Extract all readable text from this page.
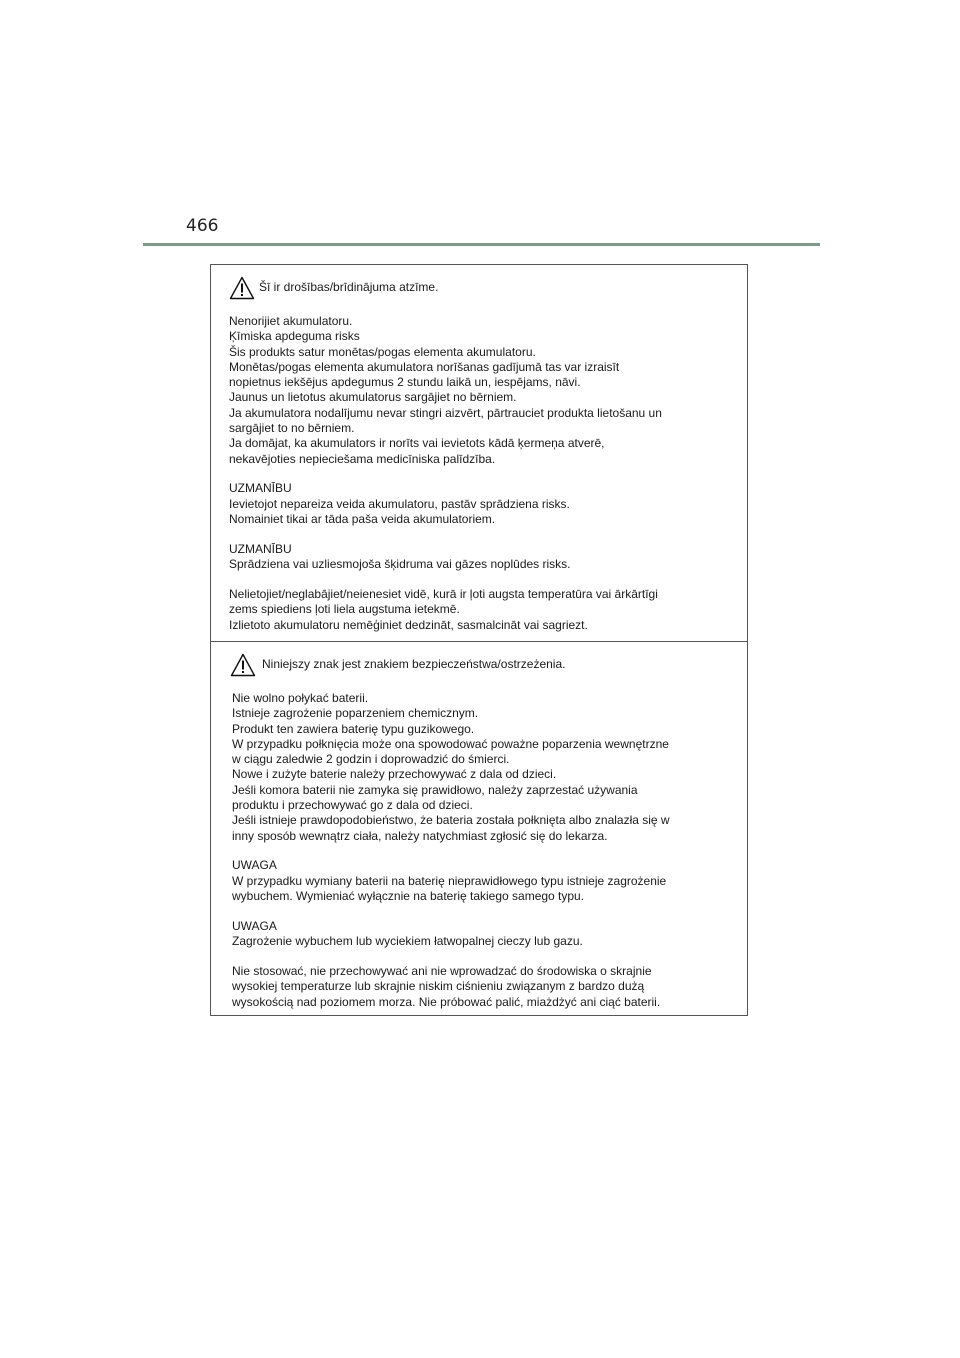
466
Šī ir drošības/brīdinājuma atzīme.
Nenorijiet akumulatoru.
Ķīmiska apdeguma risks
Šis produkts satur monētas/pogas elementa akumulatoru.
Monētas/pogas elementa akumulatora norīšanas gadījumā tas var izraisīt
nopietnus iekšējus apdegumus 2 stundu laikā un, iespējams, nāvi.
Jaunus un lietotus akumulatorus sargājiet no bērniem.
Ja akumulatora nodalījumu nevar stingri aizvērt, pārtrauciet produkta lietošanu un
sargājiet to no bērniem.
Ja domājat, ka akumulators ir norīts vai ievietots kādā ķermeņa atverē,
nekavējoties nepieciešama medicīniska palīdzība.
UZMANĪBU
Ievietojot nepareiza veida akumulatoru, pastāv sprādziena risks.
Nomainiet tikai ar tāda paša veida akumulatoriem.
UZMANĪBU
Sprādziena vai uzliesmojoša šķidruma vai gāzes noplūdes risks.
Nelietojiet/neglabājiet/neienesiet vidē, kurā ir ļoti augsta temperatūra vai ārkārtīgi
zems spiediens ļoti liela augstuma ietekmē.
Izlietoto akumulatoru nemēģiniet dedzināt, sasmalcināt vai sagriezt.
Niniejszy znak jest znakiem bezpieczeństwa/ostrzeżenia.
Nie wolno połykać baterii.
Istnieje zagrożenie poparzeniem chemicznym.
Produkt ten zawiera baterię typu guzikowego.
W przypadku połknięcia może ona spowodować poważne poparzenia wewnętrzne
w ciągu zaledwie 2 godzin i doprowadzić do śmierci.
Nowe i zużyte baterie należy przechowywać z dala od dzieci.
Jeśli komora baterii nie zamyka się prawidłowo, należy zaprzestać używania
produktu i przechowywać go z dala od dzieci.
Jeśli istnieje prawdopodobieństwo, że bateria została połknięta albo znalazła się w
inny sposób wewnątrz ciała, należy natychmiast zgłosić się do lekarza.
UWAGA
W przypadku wymiany baterii na baterię nieprawidłowego typu istnieje zagrożenie
wybuchem. Wymieniać wyłącznie na baterię takiego samego typu.
UWAGA
Zagrożenie wybuchem lub wyciekiem łatwopalnej cieczy lub gazu.
Nie stosować, nie przechowywać ani nie wprowadzać do środowiska o skrajnie
wysokiej temperaturze lub skrajnie niskim ciśnieniu związanym z bardzo dużą
wysokością nad poziomem morza. Nie próbować palić, miażdżyć ani ciąć baterii.
